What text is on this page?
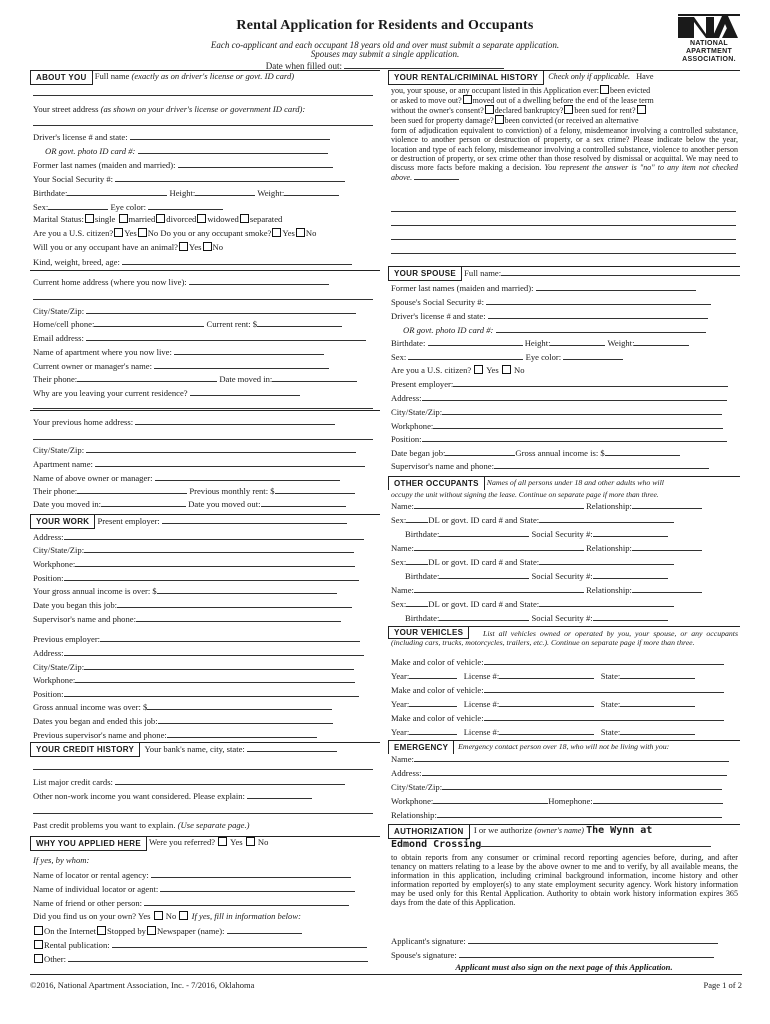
Rental Application for Residents and Occupants
Each co-applicant and each occupant 18 years old and over must submit a separate application.
Spouses may submit a single application.
Date when filled out:
NATIONAL
APARTMENT
ASSOCIATION.
ABOUT YOU Full name (exactly as on driver's license or govt. ID card)
Your street address (as shown on your driver's license or government ID card):
Driver's license # and state:
OR govt. photo ID card #:
Former last names (maiden and married):
Your Social Security #:
Birthdate:	Height:	Weight:
Sex:	Eye color:
Marital Status: single married divorced widowed separated
Are you a U.S. citizen? Yes No Do you or any occupant smoke? Yes No
Will you or any occupant have an animal? Yes No
Kind, weight, breed, age:
Current home address (where you now live):
City/State/Zip:
Home/cell phone:	Current rent: $
Email address:
Name of apartment where you now live:
Current owner or manager's name:
Their phone:	Date moved in:
Why are you leaving your current residence?
Your previous home address:
City/State/Zip:
Apartment name:
Name of above owner or manager:
Their phone:	Previous monthly rent: $
Date you moved in:	Date you moved out:
YOUR WORK Present employer:
Address:
City/State/Zip:
Workphone:
Position:
Your gross annual income is over: $
Date you began this job:
Supervisor's name and phone:
Previous employer:
Address:
City/State/Zip:
Workphone:
Position:
Gross annual income was over: $
Dates you began and ended this job:
Previous supervisor's name and phone:
YOUR CREDIT HISTORY Your bank's name, city, state:
List major credit cards:
Other non-work income you want considered. Please explain:
Past credit problems you want to explain. (Use separate page.)
WHY YOU APPLIED HERE Were you referred? Yes No
If yes, by whom:
Name of locator or rental agency:
Name of individual locator or agent:
Name of friend or other person:
Did you find us on your own? Yes No If yes, fill in information below:
On the Internet Stopped by Newspaper (name):
Rental publication:
Other:
YOUR RENTAL/CRIMINAL HISTORY Check only if applicable. Have
you, your spouse, or any occupant listed in this Application ever: been evicted
or asked to move out? moved out of a dwelling before the end of the lease term
without the owner's consent? declared bankruptcy? been sued for rent?
been sued for property damage? been convicted (or received an alternative
form of adjudication equivalent to conviction) of a felony, misdemeanor involving a controlled substance, violence to another person or destruction of property, or a sex crime? Please indicate below the year, location and type of each felony, misdemeanor involving a controlled substance, violence to another person or destruction of property, or sex crime other than those resolved by dismissal or acquittal. We may need to discuss more facts before making a decision. You represent the answer is "no" to any item not checked above.
YOUR SPOUSE Full name:
Former last names (maiden and married):
Spouse's Social Security #:
Driver's license # and state:
OR govt. photo ID card #:
Birthdate:	Height:	Weight:
Sex:	Eye color:
Are you a U.S. citizen? Yes No
Present employer:
Address:
City/State/Zip:
Workphone:
Position:
Date began job:	Gross annual income is: $
Supervisor's name and phone:
OTHER OCCUPANTS Names of all persons under 18 and other adults who will
occupy the unit without signing the lease. Continue on separate page if more than three.
Name:	Relationship:
Sex:	DL or govt. ID card # and State:
Birthdate:	Social Security #:
Name:	Relationship:
Sex:	DL or govt. ID card # and State:
Birthdate:	Social Security #:
Name:	Relationship:
Sex:	DL or govt. ID card # and State:
Birthdate:	Social Security #:
YOUR VEHICLES	List all vehicles owned or operated by you, your spouse, or any occupants (including cars, trucks, motorcycles, trailers, etc.). Continue on separate page if more than three.
Make and color of vehicle:
Year:	License #:	State:
Make and color of vehicle:
Year:	License #:	State:
Make and color of vehicle:
Year:	License #:	State:
EMERGENCY Emergency contact person over 18, who will not be living with you:
Name:
Address:
City/State/Zip:
Workphone:	Homephone:
Relationship:
AUTHORIZATION I or we authorize (owner's name) The Wynn at
Edmond Crossing
to obtain reports from any consumer or criminal record reporting agencies before, during, and after tenancy on matters relating to a lease by the above owner to me and to verify, by all available means, the information in this application, including criminal background information, income history and other information reported by employer(s) to any state employment security agency. Work history information may be used only for this Rental Application. Authority to obtain work history information expires 365 days from the date of this Application.
Applicant's signature:
Spouse's signature:
Applicant must also sign on the next page of this Application.
©2016, National Apartment Association, Inc. - 7/2016, Oklahoma	Page 1 of 2
